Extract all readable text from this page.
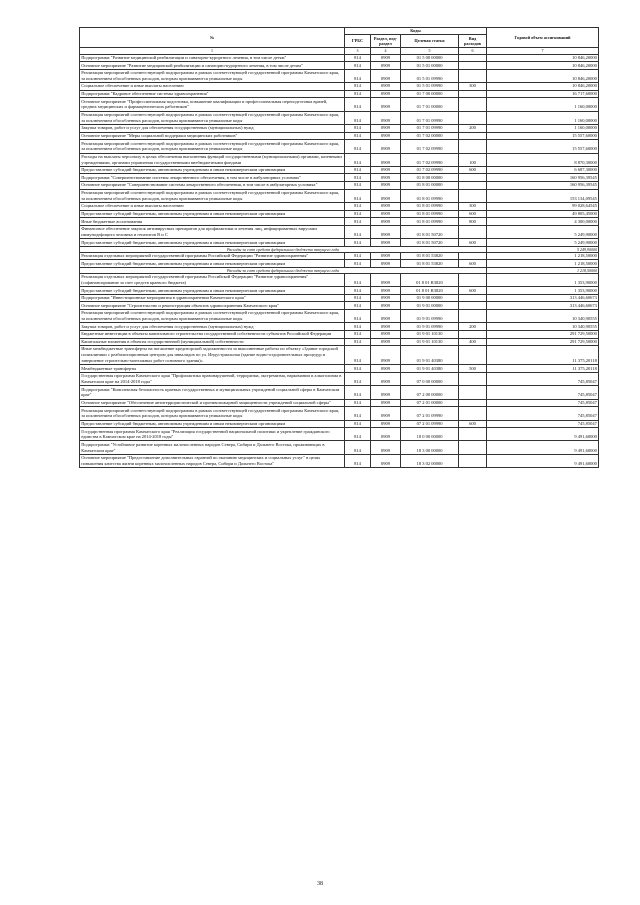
№	Коды				Годовой объем ассигнований
	ГРБС	Раздел, под-раздел	Целевая статья	Вид расходов	
1	3	4	5	6	7
Подпрограмма "Развитие медицинской реабилитации и санаторно-курортного лечения, в том числе детям"	814	0909	01 5 00 00000		10 846,20000
Основное мероприятие "Развитие медицинской реабилитации и санаторно-курортного лечения, в том числе детям"	814	0909	01 5 01 00000		10 846,20000
Реализация мероприятий соответствующей подпрограммы в рамках соответствующей государственной программы Камчатского края, за исключением обособленных расходов, которым присваиваются уникальные коды	814	0909	01 5 01 09990		10 846,20000
Социальное обеспечение и иные выплаты населению	814	0909	01 5 01 09990	300	10 846,20000
Подпрограмма "Кадровое обеспечение системы здравоохранения"	814	0909	01 7 00 00000		16 717,60000
Основное мероприятие "Профессиональная подготовка, повышение квалификации и профессиональная переподготовка врачей, средних медицинских и фармацевтических работников"	814	0909	01 7 01 00000		1 160,00000
Реализация мероприятий соответствующей подпрограммы в рамках соответствующей государственной программы Камчатского края, за исключением обособленных расходов, которым присваиваются уникальные коды	814	0909	01 7 01 09990		1 160,00000
Закупка товаров, работ и услуг для обеспечения государственных (муниципальных) нужд	814	0909	01 7 01 09990	200	1 160,00000
Основное мероприятие "Меры социальной поддержки медицинских работников"	814	0909	01 7 02 00000		15 557,60000
Реализация мероприятий соответствующей подпрограммы в рамках соответствующей государственной программы Камчатского края, за исключением обособленных расходов, которым присваиваются уникальные коды	814	0909	01 7 02 09990		15 557,60000
Расходы на выплаты персоналу в целях обеспечения выполнения функций государственными (муниципальными) органами, казенными учреждениями, органами управления государственными внебюджетными фондами	814	0909	01 7 02 09990	100	8 870,30000
Предоставление субсидий бюджетным, автономным учреждениям и иным некоммерческим организациям	814	0909	01 7 02 09990	600	6 687,30000
Подпрограмма "Совершенствование системы лекарственного обеспечения, в том числе в амбулаторных условиях"	814	0909	01 8 00 00000		160 956,39545
Основное мероприятие "Совершенствование системы лекарственного обеспечения, в том числе в амбулаторных условиях"	814	0909	01 8 01 00000		160 956,39545
Реализация мероприятий соответствующей подпрограммы в рамках соответствующей государственной программы Камчатского края, за исключением обособленных расходов, которым присваиваются уникальные коды	814	0909	01 8 01 09990		153 134,09545
Социальное обеспечение и иные выплаты населению	814	0909	01 8 01 09990	300	99 028,64545
Предоставление субсидий бюджетным, автономным учреждениям и иным некоммерческим организациям	814	0909	01 8 01 09990	600	49 805,45000
Иные бюджетные ассигнования	814	0909	01 8 01 09990	800	4 300,00000
Финансовое обеспечение закупок антивирусных препаратов для профилактики и лечения лиц, инфицированных вирусами иммунодефицита человека и гепатитов В и С	814	0909	01 8 01 50720		5 249,90000
Предоставление субсидий бюджетным, автономным учреждениям и иным некоммерческим организациям	814	0909	01 8 01 50720	600	5 249,90000
Расходы за счет средств федерального бюджета текущего года					5 249,90000
Реализация отдельных мероприятий государственной программы Российской Федерации "Развитие здравоохранения"	814	0909	01 8 01 53820		1 218,50000
Предоставление субсидий бюджетным, автономным учреждениям и иным некоммерческим организациям	814	0909	01 8 01 53820	600	1 218,50000
Расходы за счет средств федерального бюджета текущего года					1 218,50000
Реализация отдельных мероприятий государственной программы Российской Федерации "Развитие здравоохранения" (софинансирование за счет средств краевого бюджета)	814	0909	01 8 01 R3820		1 353,90000
Предоставление субсидий бюджетным, автономным учреждениям и иным некоммерческим организациям	814	0909	01 8 01 R3820	600	1 353,90000
Подпрограмма "Инвестиционные мероприятия в здравоохранении Камчатского края"	814	0909	01 9 00 00000		313 446,60673
Основное мероприятие "Строительство и реконструкция объектов здравоохранения Камчатского края"	814	0909	01 9 01 00000		313 446,60673
Реализация мероприятий соответствующей подпрограммы в рамках соответствующей государственной программы Камчатского края, за исключением обособленных расходов, которым присваиваются уникальные коды	814	0909	01 9 01 09990		10 340,90555
Закупка товаров, работ и услуг для обеспечения государственных (муниципальных) нужд	814	0909	01 9 01 09990	200	10 340,90555
Бюджетные инвестиции в объекты капитального строительства государственной собственности субъектов Российской Федерации	814	0909	01 9 01 10130		291 729,50000
Капитальные вложения в объекты государственной (муниципальной) собственности	814	0909	01 9 01 10130	400	291 729,50000
Иные межбюджетные трансферты на погашение кредиторской задолженности за выполненные работы по объекту «Здание городской поликлиники с реабилитационным центром для инвалидов по ул. Индустриальная (здание водно-оздоровительных процедур и завершение строительно-монтажных работ основного здания)»	814	0909	01 9 01 40380		11 375,20118
Межбюджетные трансферты	814	0909	01 9 01 40380	500	11 375,20118
Государственная программа Камчатского края "Профилактика правонарушений, терроризма, экстремизма, наркомании и алкоголизма в Камчатском крае на 2014-2018 годы"	814	0909	07 0 00 00000		745,85047
Подпрограмма "Комплексная безопасность краевых государственных и муниципальных учреждений социальной сферы в Камчатском крае"	814	0909	07 2 00 00000		745,85047
Основное мероприятие "Обеспечение антитеррористической и противопожарной защищенности учреждений социальной сферы"	814	0909	07 2 01 00000		745,85047
Реализация мероприятий соответствующей подпрограммы в рамках соответствующей государственной программы Камчатского края, за исключением обособленных расходов, которым присваиваются уникальные коды	814	0909	07 2 01 09990		745,85047
Предоставление субсидий бюджетным, автономным учреждениям и иным некоммерческим организациям	814	0909	07 2 01 09990	600	745,85047
Государственная программа Камчатского края "Реализация государственной национальной политики и укрепление гражданского единства в Камчатском крае на 2014-2018 годы"	814	0909	18 0 00 00000		9 491,60000
Подпрограмма "Устойчивое развитие коренных малочисленных народов Севера, Сибири и Дальнего Востока, проживающих в Камчатском крае"	814	0909	18 3 00 00000		9 491,60000
Основное мероприятие "Предоставление дополнительных гарантий по оказанию медицинских и социальных услуг" в целях повышения качества жизни коренных малочисленных народов Севера, Сибири и Дальнего Востока"	814	0909	18 3 02 00000		9 491,60000
38
